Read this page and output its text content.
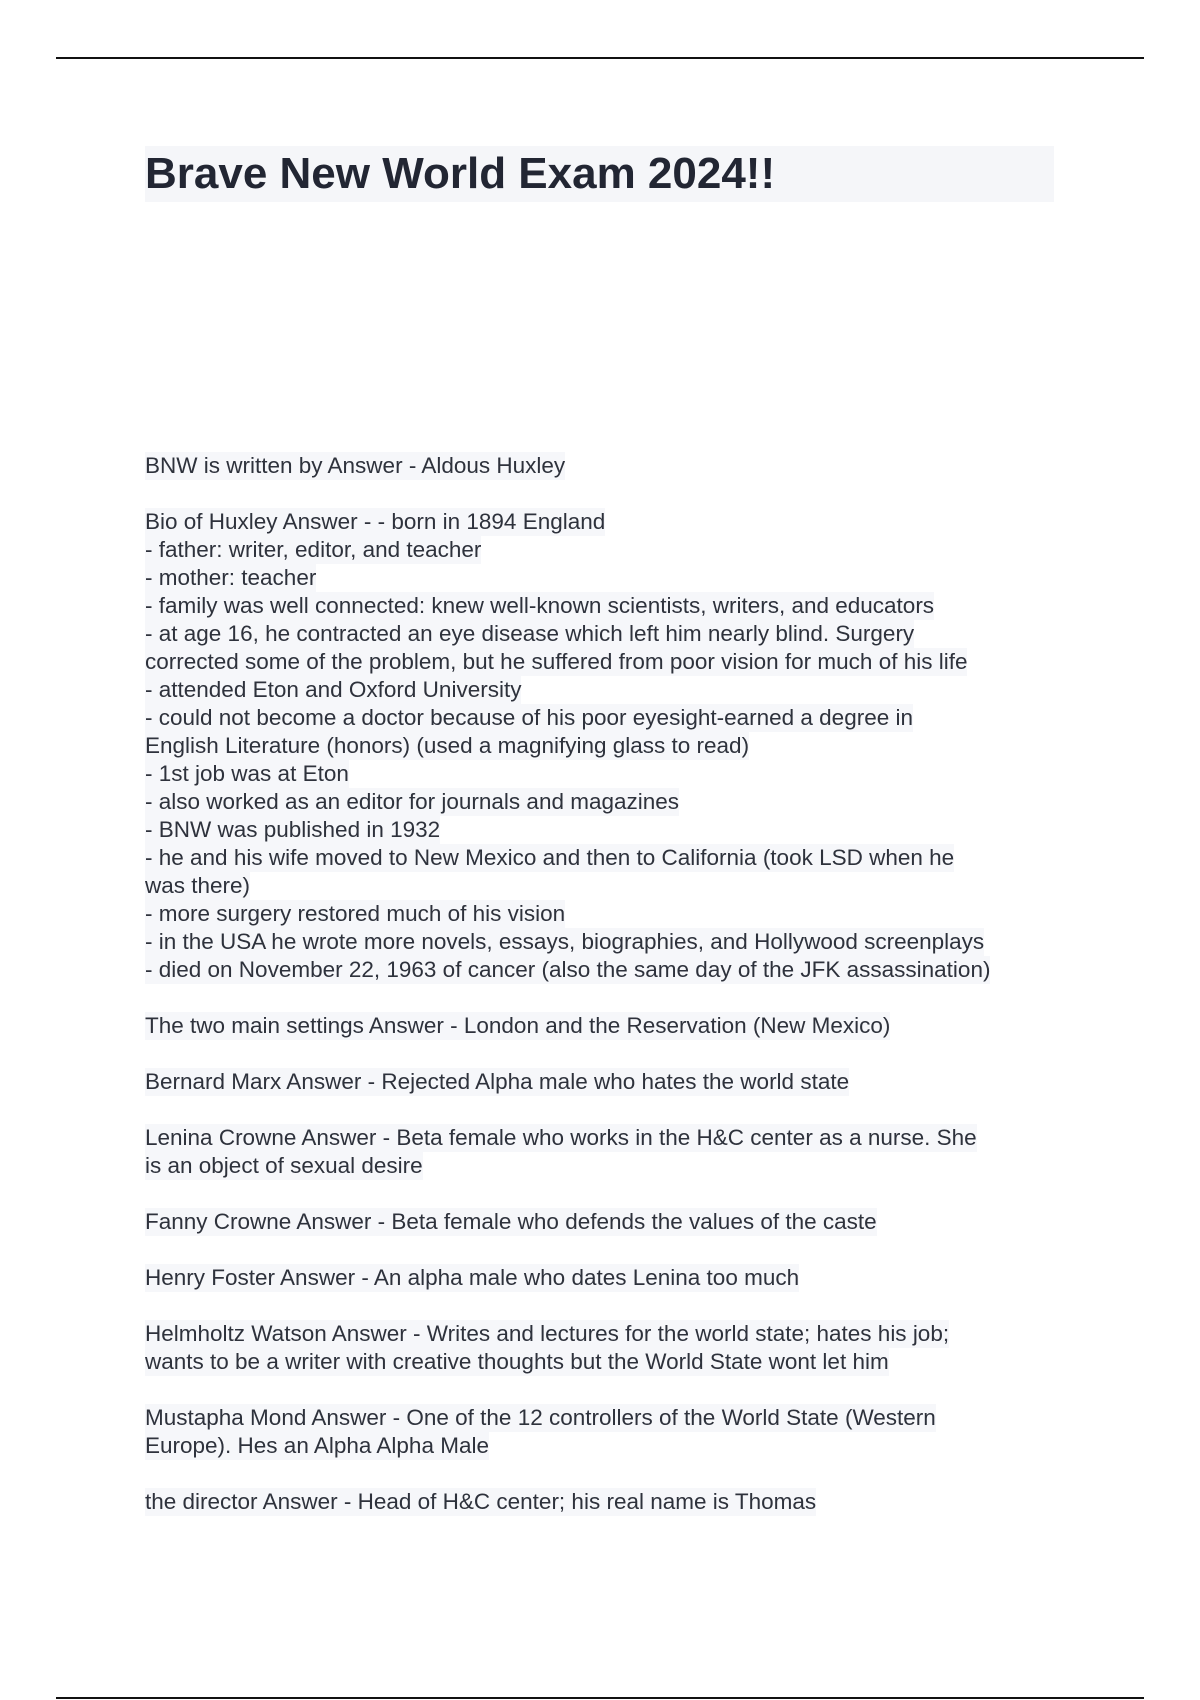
Brave New World Exam 2024!!
BNW is written by Answer - Aldous Huxley
Bio of Huxley Answer - - born in 1894 England
- father: writer, editor, and teacher
- mother: teacher
- family was well connected: knew well-known scientists, writers, and educators
- at age 16, he contracted an eye disease which left him nearly blind. Surgery
corrected some of the problem, but he suffered from poor vision for much of his life
- attended Eton and Oxford University
- could not become a doctor because of his poor eyesight-earned a degree in
English Literature (honors) (used a magnifying glass to read)
- 1st job was at Eton
- also worked as an editor for journals and magazines
- BNW was published in 1932
- he and his wife moved to New Mexico and then to California (took LSD when he
was there)
- more surgery restored much of his vision
- in the USA he wrote more novels, essays, biographies, and Hollywood screenplays
- died on November 22, 1963 of cancer (also the same day of the JFK assassination)
The two main settings Answer - London and the Reservation (New Mexico)
Bernard Marx Answer - Rejected Alpha male who hates the world state
Lenina Crowne Answer - Beta female who works in the H&C center as a nurse. She
is an object of sexual desire
Fanny Crowne Answer - Beta female who defends the values of the caste
Henry Foster Answer - An alpha male who dates Lenina too much
Helmholtz Watson Answer - Writes and lectures for the world state; hates his job;
wants to be a writer with creative thoughts but the World State wont let him
Mustapha Mond Answer - One of the 12 controllers of the World State (Western
Europe). Hes an Alpha Alpha Male
the director Answer - Head of H&C center; his real name is Thomas
